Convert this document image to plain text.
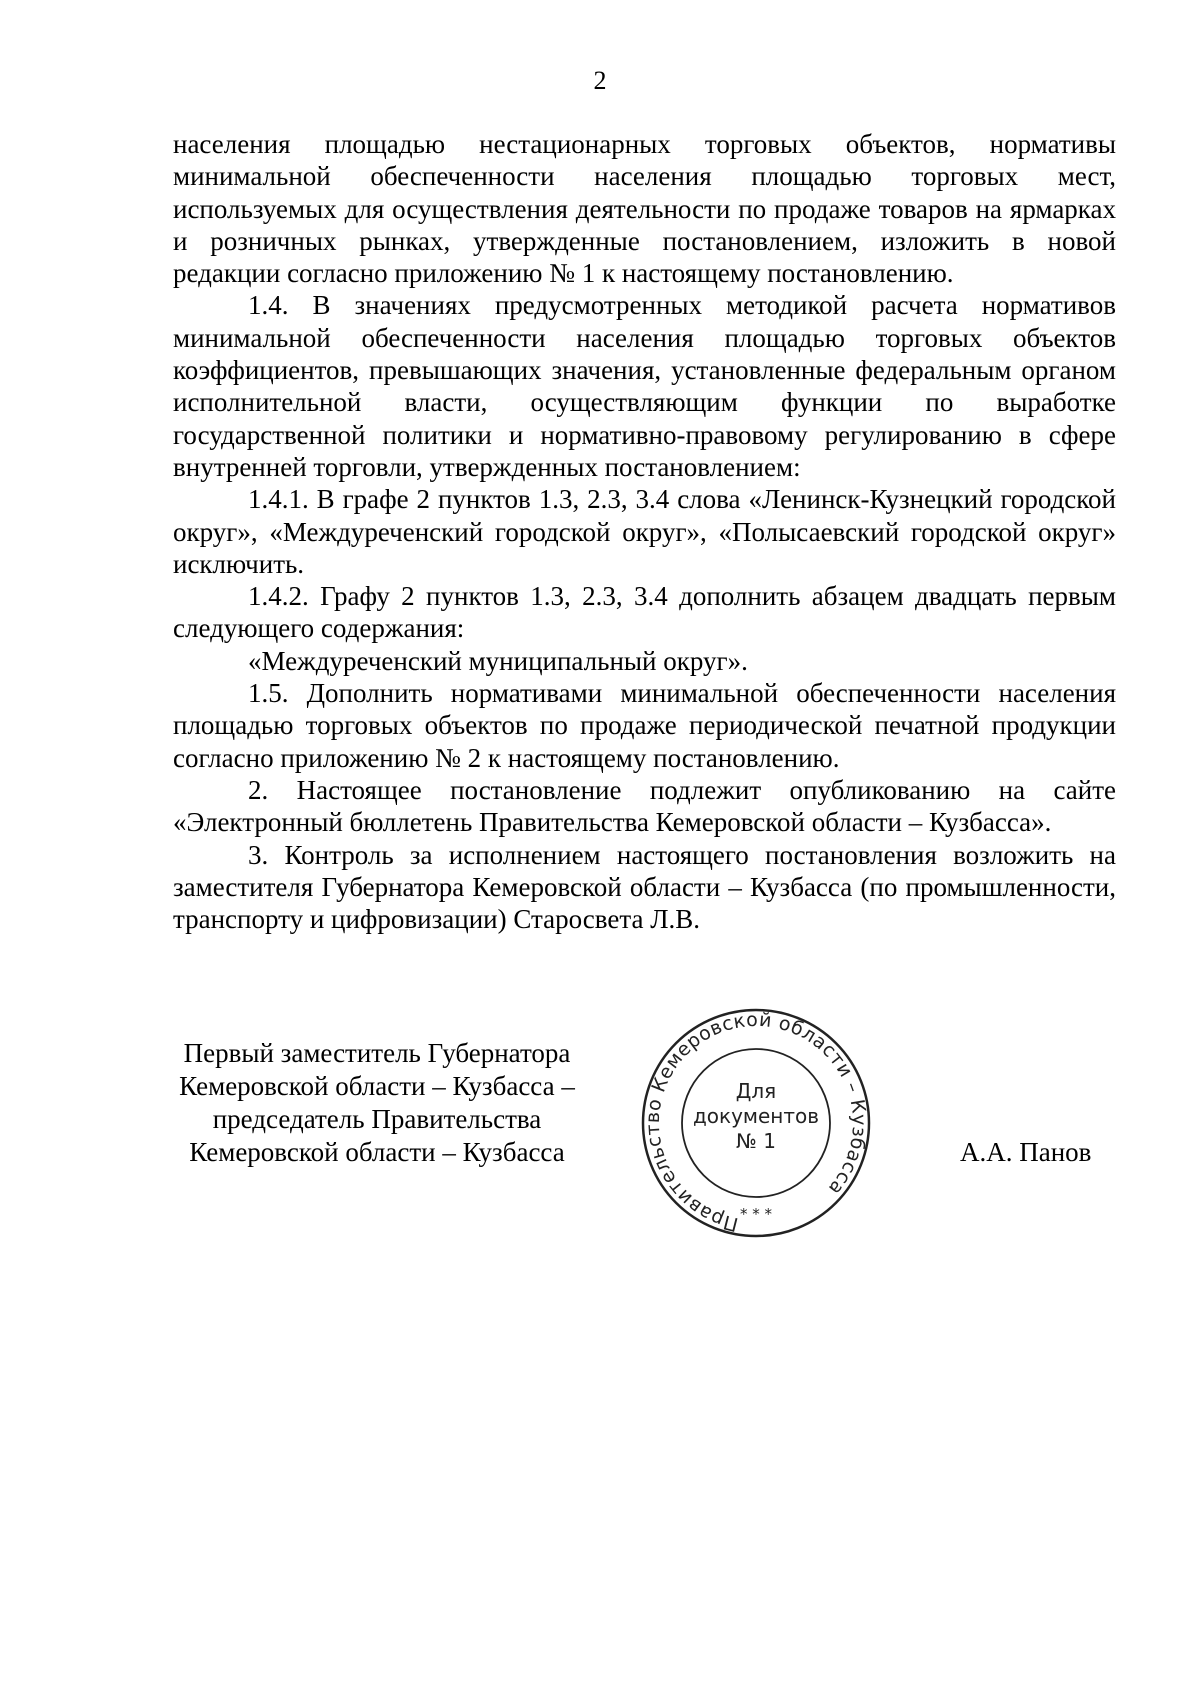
2

населения площадью нестационарных торговых объектов, нормативы минимальной обеспеченности населения площадью торговых мест, используемых для осуществления деятельности по продаже товаров на ярмарках и розничных рынках, утвержденные постановлением, изложить в новой редакции согласно приложению № 1 к настоящему постановлению.

1.4. В значениях предусмотренных методикой расчета нормативов минимальной обеспеченности населения площадью торговых объектов коэффициентов, превышающих значения, установленные федеральным органом исполнительной власти, осуществляющим функции по выработке государственной политики и нормативно-правовому регулированию в сфере внутренней торговли, утвержденных постановлением:

1.4.1. В графе 2 пунктов 1.3, 2.3, 3.4 слова «Ленинск-Кузнецкий городской округ», «Междуреченский городской округ», «Полысаевский городской округ» исключить.

1.4.2. Графу 2 пунктов 1.3, 2.3, 3.4 дополнить абзацем двадцать первым следующего содержания:

«Междуреченский муниципальный округ».

1.5. Дополнить нормативами минимальной обеспеченности населения площадью торговых объектов по продаже периодической печатной продукции согласно приложению № 2 к настоящему постановлению.

2. Настоящее постановление подлежит опубликованию на сайте «Электронный бюллетень Правительства Кемеровской области – Кузбасса».

3. Контроль за исполнением настоящего постановления возложить на заместителя Губернатора Кемеровской области – Кузбасса (по промышленности, транспорту и цифровизации) Старосвета Л.В.

Первый заместитель Губернатора
Кемеровской области – Кузбасса –
председатель Правительства
Кемеровской области – Кузбасса
Правительство Кемеровской области – Кузбасса
Для
документов
№ 1
* * *
А.А. Панов
